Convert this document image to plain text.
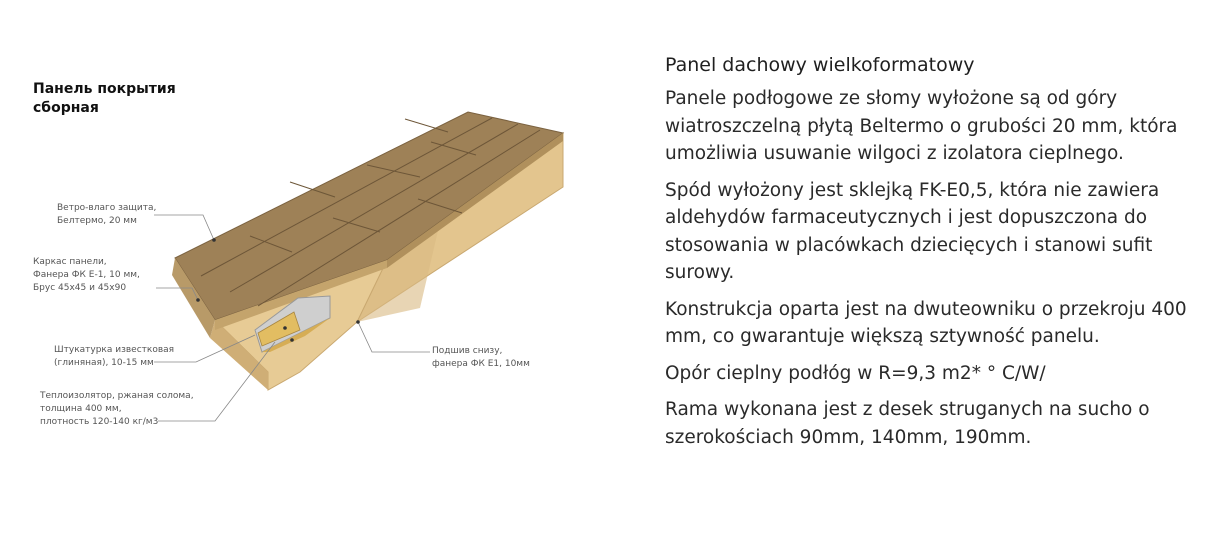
Панель покрытия
сборная
Ветро-влаго защита,
Белтермо, 20 мм
Каркас панели,
Фанера ФК Е-1, 10 мм,
Брус 45х45 и 45х90
Штукатурка известковая
(глиняная), 10-15 мм
Теплоизолятор, ржаная солома,
толщина 400 мм,
плотность 120-140 кг/м3
Подшив снизу,
фанера ФК Е1, 10мм

Panel dachowy wielkoformatowy

Panele podłogowe ze słomy wyłożone są od góry wiatroszczelną płytą Beltermo o grubości 20 mm, która umożliwia usuwanie wilgoci z izolatora cieplnego.

Spód wyłożony jest sklejką FK-E0,5, która nie zawiera aldehydów farmaceutycznych i jest dopuszczona do stosowania w placówkach dziecięcych i stanowi sufit surowy.

Konstrukcja oparta jest na dwuteowniku o przekroju 400 mm, co gwarantuje większą sztywność panelu.

Opór cieplny podłóg w R=9,3 m2* ° C/W/

Rama wykonana jest z desek struganych na sucho o szerokościach 90mm, 140mm, 190mm.
